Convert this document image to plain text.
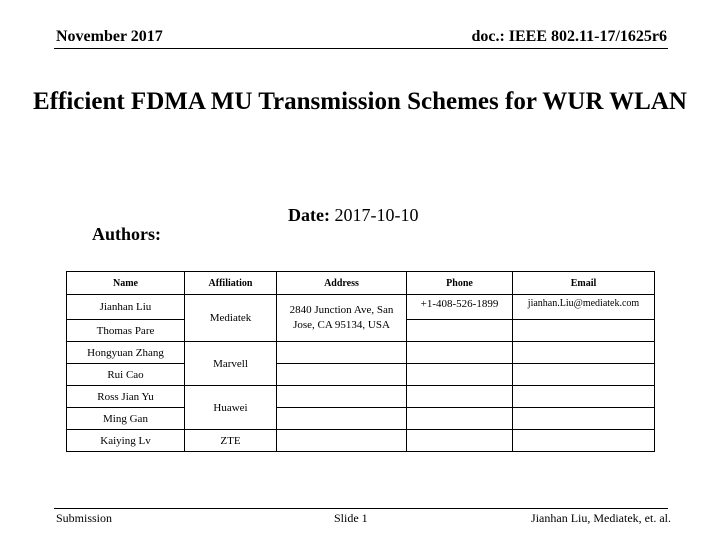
November 2017	doc.: IEEE 802.11-17/1625r6
Efficient FDMA MU Transmission Schemes for WUR WLAN
Date: 2017-10-10
Authors:
Name	Affiliation	Address	Phone	Email
Jianhan Liu	Mediatek	2840 Junction Ave, San Jose, CA 95134, USA	+1-408-526-1899	jianhan.Liu@mediatek.com
Thomas Pare				
Hongyuan Zhang	Marvell			
Rui Cao				
Ross Jian Yu	Huawei			
Ming Gan				
Kaiying Lv	ZTE			
Submission	Slide 1	Jianhan Liu, Mediatek, et. al.
